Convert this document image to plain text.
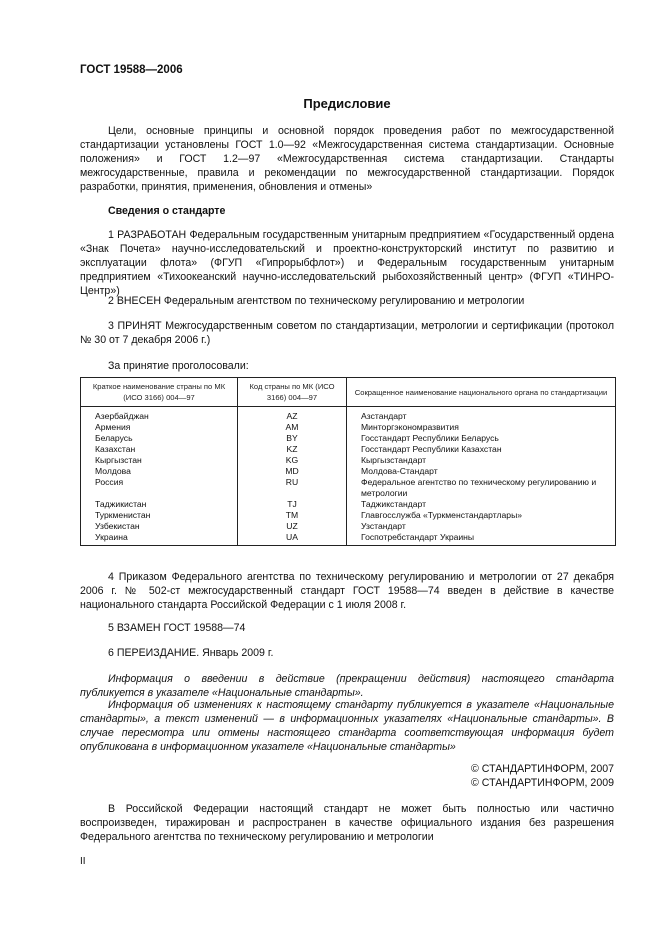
ГОСТ 19588—2006
Предисловие

Цели, основные принципы и основной порядок проведения работ по межгосударственной стандартизации установлены ГОСТ 1.0—92 «Межгосударственная система стандартизации. Основные положения» и ГОСТ 1.2—97 «Межгосударственная система стандартизации. Стандарты межгосударственные, правила и рекомендации по межгосударственной стандартизации. Порядок разработки, принятия, применения, обновления и отмены»

Сведения о стандарте

1 РАЗРАБОТАН Федеральным государственным унитарным предприятием «Государственный ордена «Знак Почета» научно-исследовательский и проектно-конструкторский институт по развитию и эксплуатации флота» (ФГУП «Гипрорыбфлот») и Федеральным государственным унитарным предприятием «Тихоокеанский научно-исследовательский рыбохозяйственный центр» (ФГУП «ТИНРО-Центр»)

2 ВНЕСЕН Федеральным агентством по техническому регулированию и метрологии

3 ПРИНЯТ Межгосударственным советом по стандартизации, метрологии и сертификации (протокол № 30 от 7 декабря 2006 г.)

За принятие проголосовали:

Краткое наименование страны по МК (ИСО 3166) 004—97	Код страны по МК (ИСО 3166) 004—97	Сокращенное наименование национального органа по стандартизации
Азербайджан	AZ	Азстандарт
Армения	AM	Минторгэкономразвития
Беларусь	BY	Госстандарт Республики Беларусь
Казахстан	KZ	Госстандарт Республики Казахстан
Кыргызстан	KG	Кыргызстандарт
Молдова	MD	Молдова-Стандарт
Россия	RU	Федеральное агентство по техническому регулированию и метрологии
Таджикистан	TJ	Таджикстандарт
Туркменистан	TM	Главгосслужба «Туркменстандартлары»
Узбекистан	UZ	Узстандарт
Украина	UA	Госпотребстандарт Украины

4 Приказом Федерального агентства по техническому регулированию и метрологии от 27 декабря 2006 г. № 502-ст межгосударственный стандарт ГОСТ 19588—74 введен в действие в качестве национального стандарта Российской Федерации с 1 июля 2008 г.

5 ВЗАМЕН ГОСТ 19588—74

6 ПЕРЕИЗДАНИЕ. Январь 2009 г.

Информация о введении в действие (прекращении действия) настоящего стандарта публикуется в указателе «Национальные стандарты».

Информация об изменениях к настоящему стандарту публикуется в указателе «Национальные стандарты», а текст изменений — в информационных указателях «Национальные стандарты». В случае пересмотра или отмены настоящего стандарта соответствующая информация будет опубликована в информационном указателе «Национальные стандарты»

© СТАНДАРТИНФОРМ, 2007

© СТАНДАРТИНФОРМ, 2009

В Российской Федерации настоящий стандарт не может быть полностью или частично воспроизведен, тиражирован и распространен в качестве официального издания без разрешения Федерального агентства по техническому регулированию и метрологии

II
